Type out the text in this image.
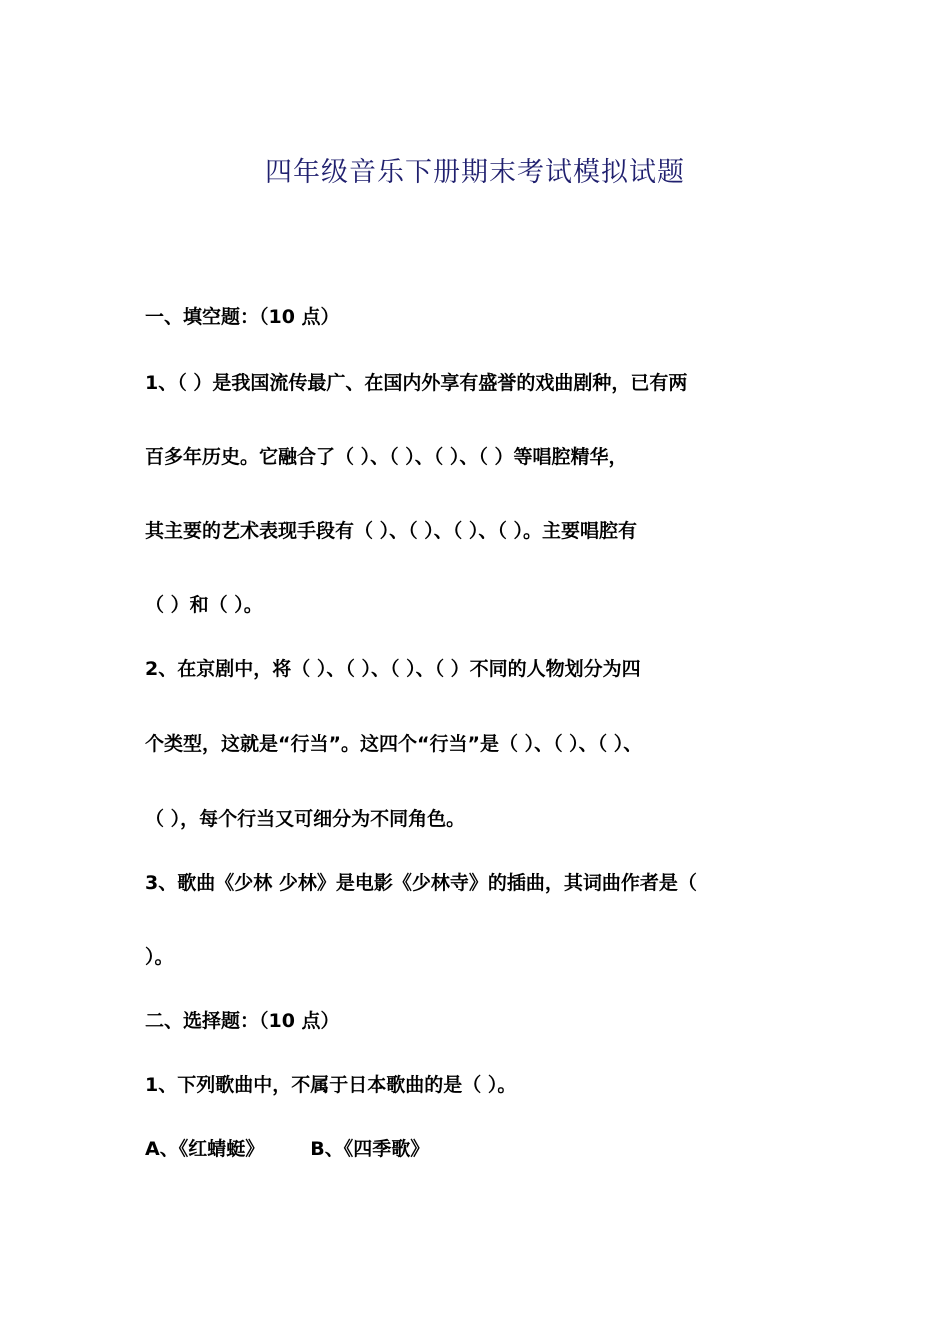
四年级音乐下册期末考试模拟试题
一、填空题：（10 点）
1、（ ）是我国流传最广、在国内外享有盛誉的戏曲剧种，已有两
百多年历史。它融合了（ ）、（ ）、（ ）、（ ）等唱腔精华，
其主要的艺术表现手段有（ ）、（ ）、（ ）、（ ）。主要唱腔有
（ ）和（ ）。
2、在京剧中，将（ ）、（ ）、（ ）、（ ）不同的人物划分为四
个类型，这就是“行当”。这四个“行当”是（ ）、（ ）、（ ）、
（ ），每个行当又可细分为不同角色。
3、歌曲《少林 少林》是电影《少林寺》的插曲，其词曲作者是（
）。
二、选择题：（10 点）
1、下列歌曲中，不属于日本歌曲的是（ ）。
A、《红蜻蜓》 B、《四季歌》
